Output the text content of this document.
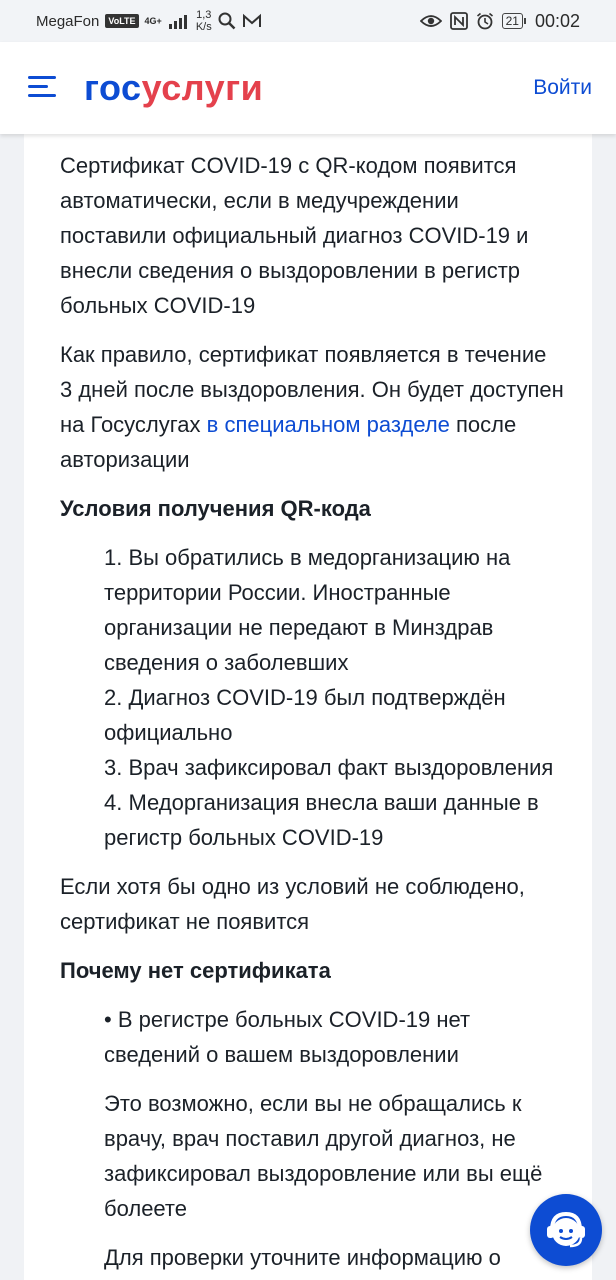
MegaFon	VoLTE	4G+	1,3
K/s	21 00:02
госуслуги	Войти

Сертификат COVID-19 с QR-кодом появится автоматически, если в медучреждении поставили официальный диагноз COVID-19 и внесли сведения о выздоровлении в регистр больных COVID-19

Как правило, сертификат появляется в течение 3 дней после выздоровления. Он будет доступен на Госуслугах в специальном разделе после авторизации

Условия получения QR-кода
1. Вы обратились в медорганизацию на территории России. Иностранные организации не передают в Минздрав сведения о заболевших
2. Диагноз COVID-19 был подтверждён официально
3. Врач зафиксировал факт выздоровления
4. Медорганизация внесла ваши данные в регистр больных COVID-19

Если хотя бы одно из условий не соблюдено, сертификат не появится

Почему нет сертификата

• В регистре больных COVID-19 нет сведений о вашем выздоровлении

Это возможно, если вы не обращались к врачу, врач поставил другой диагноз, не зафиксировал выздоровление или вы ещё болеете

Для проверки уточните информацию о
